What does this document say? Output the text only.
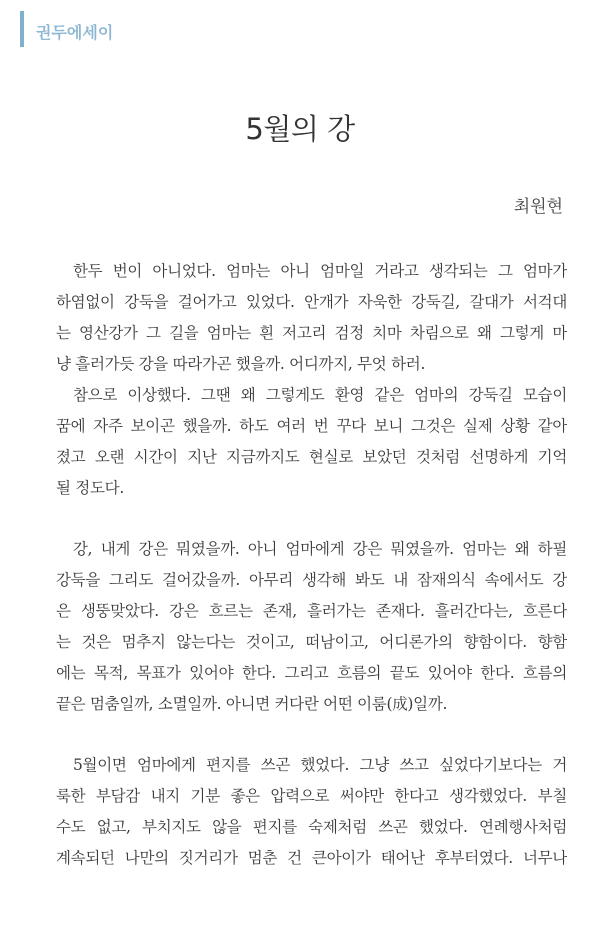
권두에세이
5월의 강
최원현
한두 번이 아니었다. 엄마는 아니 엄마일 거라고 생각되는 그 엄마가
하염없이 강둑을 걸어가고 있었다. 안개가 자욱한 강둑길, 갈대가 서걱대
는 영산강가 그 길을 엄마는 흰 저고리 검정 치마 차림으로 왜 그렇게 마
냥 흘러가듯 강을 따라가곤 했을까. 어디까지, 무엇 하러.
참으로 이상했다. 그땐 왜 그렇게도 환영 같은 엄마의 강둑길 모습이
꿈에 자주 보이곤 했을까. 하도 여러 번 꾸다 보니 그것은 실제 상황 같아
졌고 오랜 시간이 지난 지금까지도 현실로 보았던 것처럼 선명하게 기억
될 정도다.
강, 내게 강은 뭐였을까. 아니 엄마에게 강은 뭐였을까. 엄마는 왜 하필
강둑을 그리도 걸어갔을까. 아무리 생각해 봐도 내 잠재의식 속에서도 강
은 생뚱맞았다. 강은 흐르는 존재, 흘러가는 존재다. 흘러간다는, 흐른다
는 것은 멈추지 않는다는 것이고, 떠남이고, 어디론가의 향함이다. 향함
에는 목적, 목표가 있어야 한다. 그리고 흐름의 끝도 있어야 한다. 흐름의
끝은 멈춤일까, 소멸일까. 아니면 커다란 어떤 이룸(成)일까.
5월이면 엄마에게 편지를 쓰곤 했었다. 그냥 쓰고 싶었다기보다는 거
룩한 부담감 내지 기분 좋은 압력으로 써야만 한다고 생각했었다. 부칠
수도 없고, 부치지도 않을 편지를 숙제처럼 쓰곤 했었다. 연례행사처럼
계속되던 나만의 짓거리가 멈춘 건 큰아이가 태어난 후부터였다. 너무나
